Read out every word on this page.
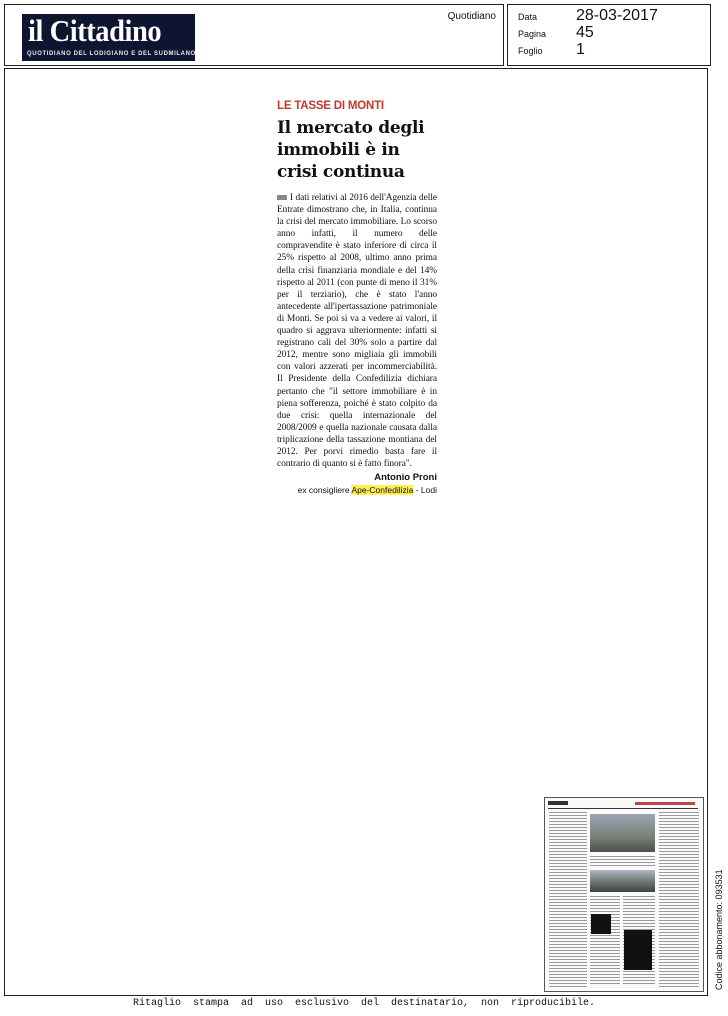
il Cittadino
QUOTIDIANO DEL LODIGIANO E DEL SUDMILANO
Quotidiano Data 28-03-2017
Pagina 45
Foglio 1
LE TASSE DI MONTI
Il mercato degli immobili è in crisi continua
I dati relativi al 2016 dell'Agenzia delle Entrate dimostrano che, in Italia, continua la crisi del mercato immobiliare. Lo scorso anno infatti, il numero delle compravendite è stato inferiore di circa il 25% rispetto al 2008, ultimo anno prima della crisi finanziaria mondiale e del 14% rispetto al 2011 (con punte di meno il 31% per il terziario), che è stato l'anno antecedente all'ipertassazione patrimoniale di Monti. Se poi si va a vedere ai valori, il quadro si aggrava ulteriormente: infatti si registrano cali del 30% solo a partire dal 2012, mentre sono migliaia gli immobili con valori azzerati per incommerciabilità. Il Presidente della Confedilizia dichiara pertanto che "il settore immobiliare è in piena sofferenza, poiché è stato colpito da due crisi: quella internazionale del 2008/2009 e quella nazionale causata dalla triplicazione della tassazione montiana del 2012. Per porvi rimedio basta fare il contrario di quanto si è fatto finora".
Antonio Proni
ex consigliere Ape-Confedilizia - Lodi
Codice abbonamento: 093531
Ritaglio stampa ad uso esclusivo del destinatario, non riproducibile.
